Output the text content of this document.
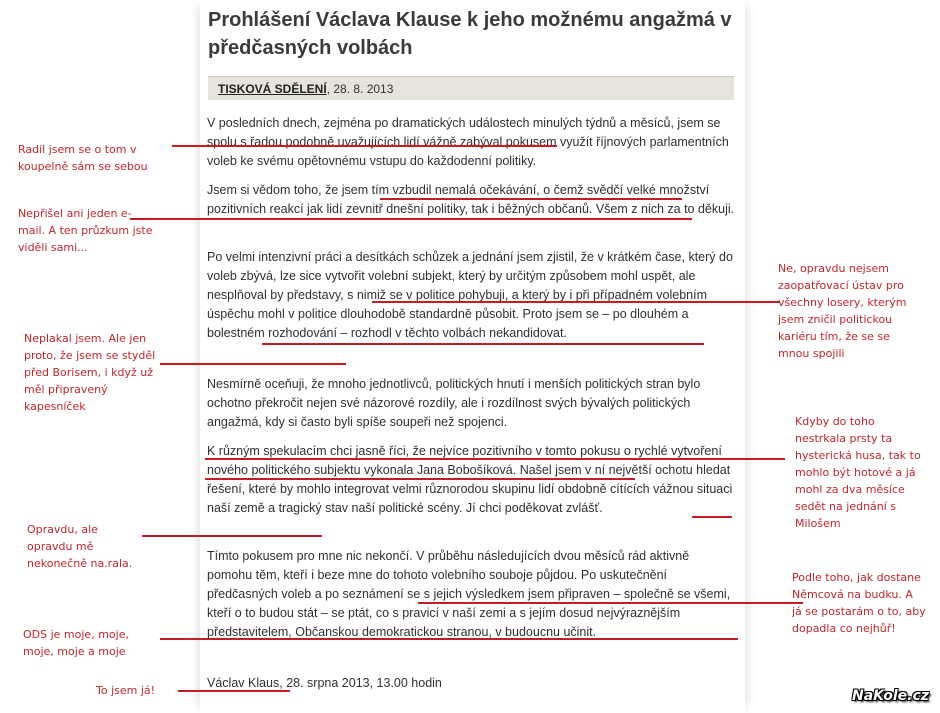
Prohlášení Václava Klause k jeho možnému angažmá v předčasných volbách
TISKOVÁ SDĚLENÍ, 28. 8. 2013

V posledních dnech, zejména po dramatických událostech minulých týdnů a měsíců, jsem se spolu s řadou podobně uvažujících lidí vážně zabýval pokusem využít říjnových parlamentních voleb ke svému opětovnému vstupu do každodenní politiky.

Jsem si vědom toho, že jsem tím vzbudil nemalá očekávání, o čemž svědčí velké množství pozitivních reakcí jak lidí zevnitř dnešní politiky, tak i běžných občanů. Všem z nich za to děkuji.

Po velmi intenzivní práci a desítkách schůzek a jednání jsem zjistil, že v krátkém čase, který do voleb zbývá, lze sice vytvořit volební subjekt, který by určitým způsobem mohl uspět, ale nesplňoval by představy, s nimiž se v politice pohybuji, a který by i při případném volebním úspěchu mohl v politice dlouhodobě standardně působit. Proto jsem se – po dlouhém a bolestném rozhodování – rozhodl v těchto volbách nekandidovat.

Nesmírně oceňuji, že mnoho jednotlivců, politických hnutí i menších politických stran bylo ochotno překročit nejen své názorové rozdíly, ale i rozdílnost svých bývalých politických angažmá, kdy si často byli spíše soupeři než spojenci.

K různým spekulacím chci jasně říci, že nejvíce pozitivního v tomto pokusu o rychlé vytvoření nového politického subjektu vykonala Jana Bobošíková. Našel jsem v ní největší ochotu hledat řešení, které by mohlo integrovat velmi různorodou skupinu lidí obdobně cítících vážnou situaci naší země a tragický stav naší politické scény. Jí chci poděkovat zvlášť.

Tímto pokusem pro mne nic nekončí. V průběhu následujících dvou měsíců rád aktivně pomohu těm, kteří i beze mne do tohoto volebního souboje půjdou. Po uskutečnění předčasných voleb a po seznámení se s jejich výsledkem jsem připraven – společně se všemi, kteří o to budou stát – se ptát, co s pravicí v naší zemi a s jejím dosud nejvýraznějším představitelem, Občanskou demokratickou stranou, v budoucnu učinit.

Václav Klaus, 28. srpna 2013, 13.00 hodin
Radil jsem se o tom v koupelně sám se sebou
Nepřišel ani jeden e-mail. A ten průzkum jste viděli sami...
Neplakal jsem. Ale jen proto, že jsem se styděl před Borisem, i když už měl připravený kapesníček
Opravdu, ale opravdu mě nekonečně na.rala.
ODS je moje, moje, moje, moje a moje
To jsem já!
Ne, opravdu nejsem zaopatřovací ústav pro všechny losery, kterým jsem zničil politickou kariéru tím, že se se mnou spojili
Kdyby do toho nestrkala prsty ta hysterická husa, tak to mohlo být hotové a já mohl za dva měsíce sedět na jednání s Milošem
Podle toho, jak dostane Němcová na budku. A já se postarám o to, aby dopadla co nejhůř!
NaKole.cz
